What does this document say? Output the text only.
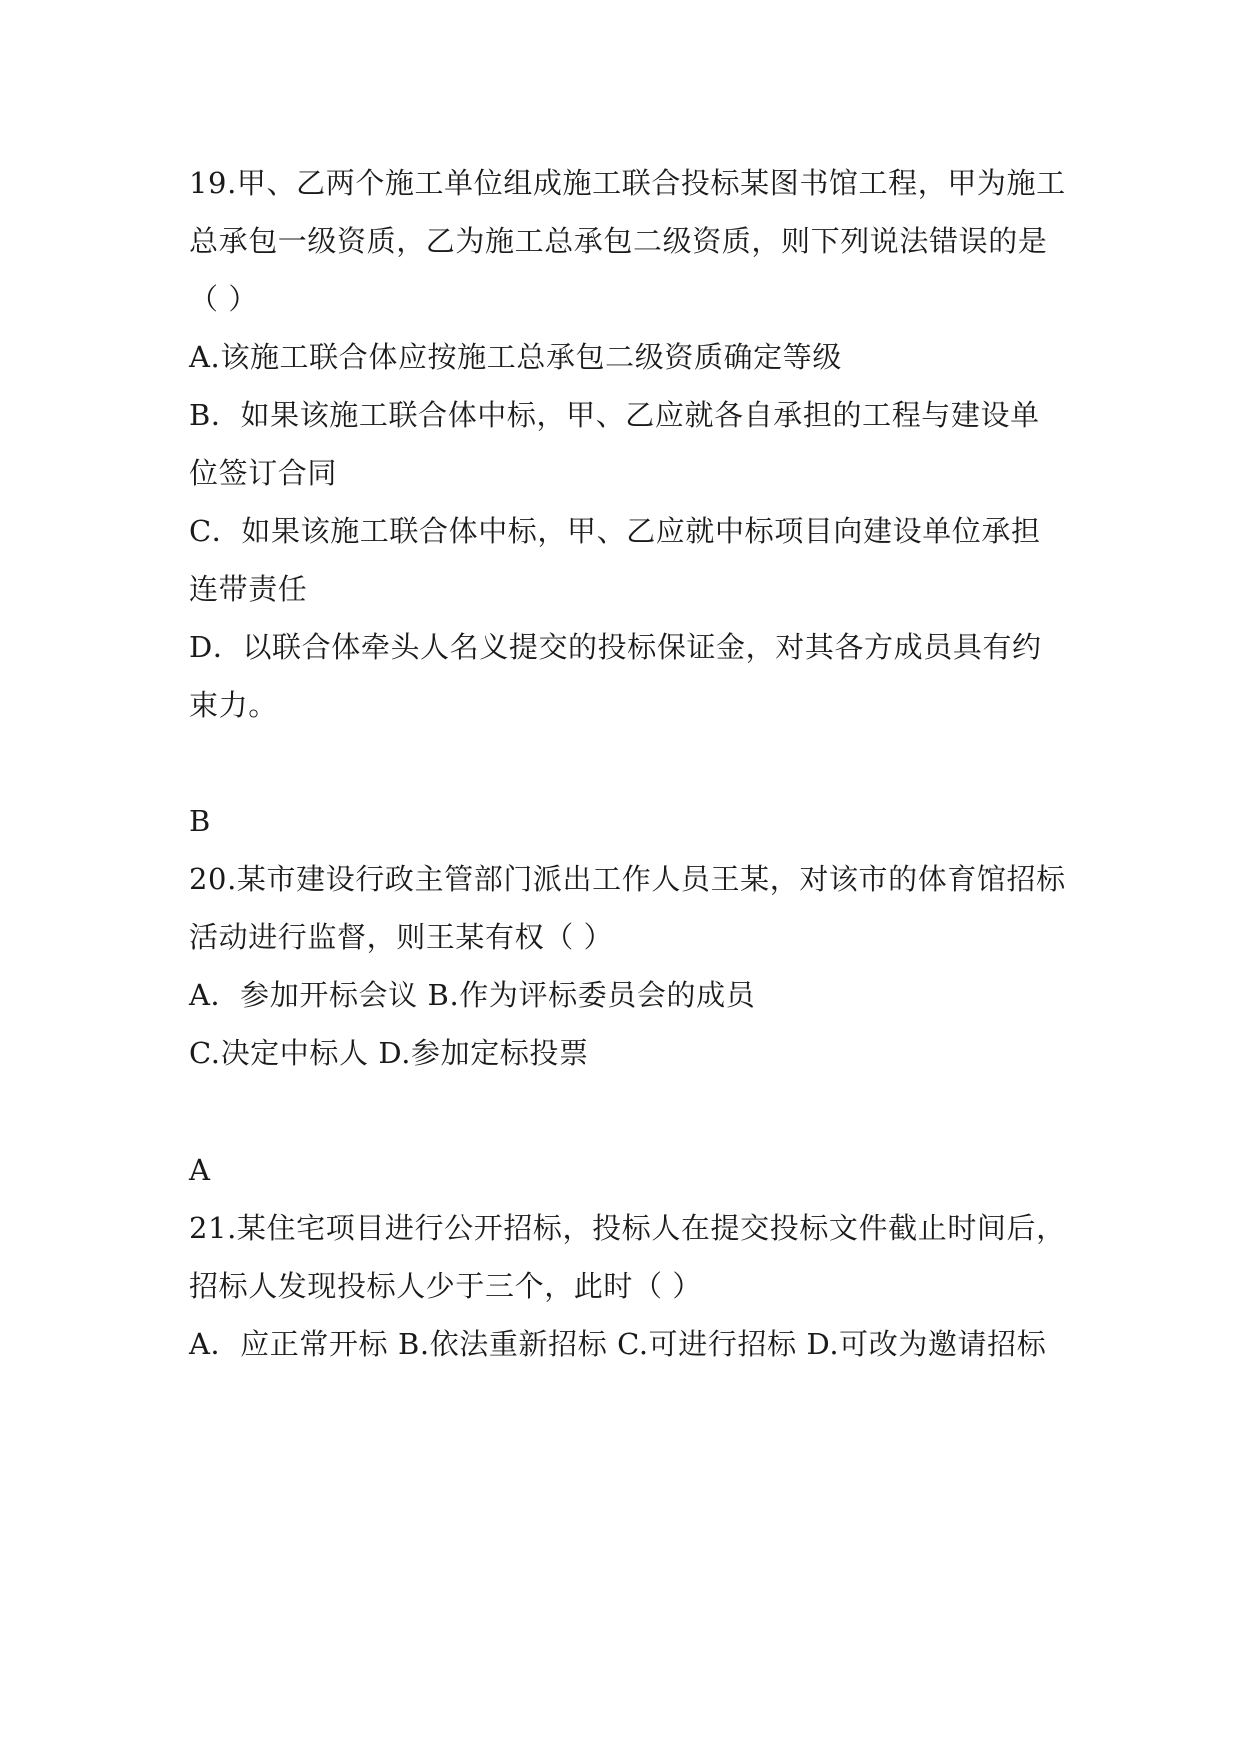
19.甲、乙两个施工单位组成施工联合投标某图书馆工程，甲为施工

总承包一级资质，乙为施工总承包二级资质，则下列说法错误的是

（ ）

A.该施工联合体应按施工总承包二级资质确定等级

B．如果该施工联合体中标，甲、乙应就各自承担的工程与建设单

位签订合同

C．如果该施工联合体中标，甲、乙应就中标项目向建设单位承担

连带责任

D．以联合体牵头人名义提交的投标保证金，对其各方成员具有约

束力。

B

20.某市建设行政主管部门派出工作人员王某，对该市的体育馆招标

活动进行监督，则王某有权（ ）

A．参加开标会议 B.作为评标委员会的成员

C.决定中标人 D.参加定标投票

A

21.某住宅项目进行公开招标，投标人在提交投标文件截止时间后，

招标人发现投标人少于三个，此时（ ）

A．应正常开标 B.依法重新招标 C.可进行招标 D.可改为邀请招标
